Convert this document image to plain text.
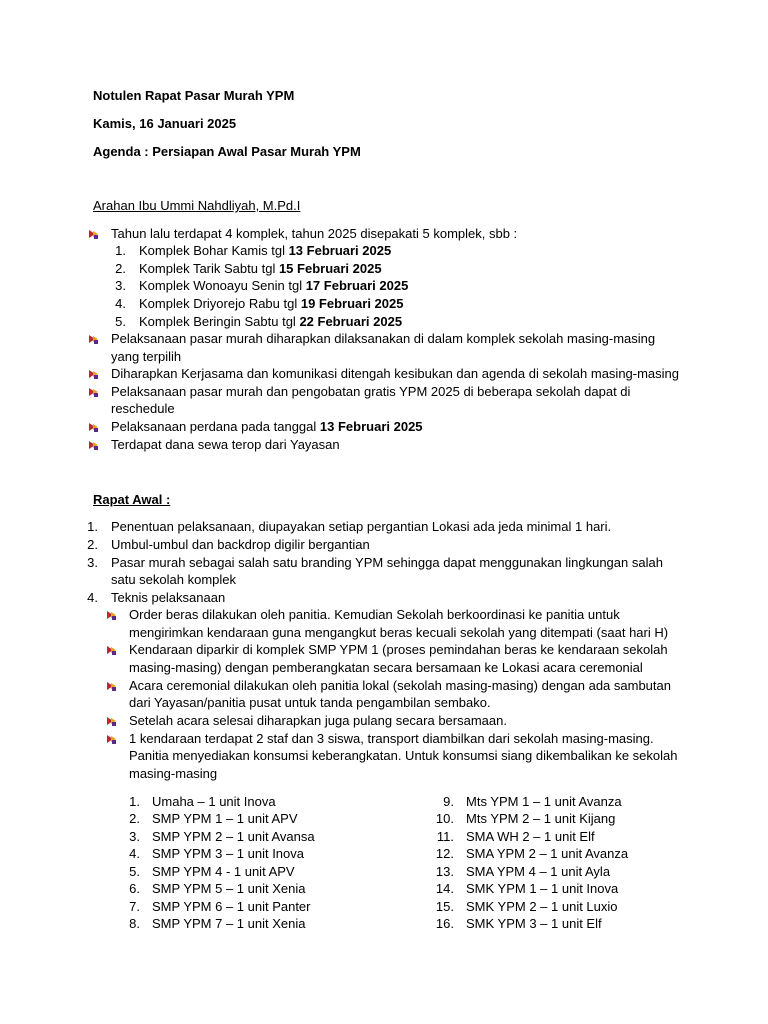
Notulen Rapat Pasar Murah YPM
Kamis, 16 Januari 2025
Agenda : Persiapan Awal Pasar Murah YPM
Arahan Ibu Ummi Nahdliyah, M.Pd.I
Tahun lalu terdapat 4 komplek, tahun 2025 disepakati 5 komplek, sbb :
1. Komplek Bohar Kamis tgl 13 Februari 2025
2. Komplek Tarik Sabtu tgl 15 Februari 2025
3. Komplek Wonoayu Senin tgl 17 Februari 2025
4. Komplek Driyorejo Rabu tgl 19 Februari 2025
5. Komplek Beringin Sabtu tgl 22 Februari 2025
Pelaksanaan pasar murah diharapkan dilaksanakan di dalam komplek sekolah masing-masing
yang terpilih
Diharapkan Kerjasama dan komunikasi ditengah kesibukan dan agenda di sekolah masing-masing
Pelaksanaan pasar murah dan pengobatan gratis YPM 2025 di beberapa sekolah dapat di
reschedule
Pelaksanaan perdana pada tanggal 13 Februari 2025
Terdapat dana sewa terop dari Yayasan
Rapat Awal :
1. Penentuan pelaksanaan, diupayakan setiap pergantian Lokasi ada jeda minimal 1 hari.
2. Umbul-umbul dan backdrop digilir bergantian
3. Pasar murah sebagai salah satu branding YPM sehingga dapat menggunakan lingkungan salah
satu sekolah komplek
4. Teknis pelaksanaan
Order beras dilakukan oleh panitia. Kemudian Sekolah berkoordinasi ke panitia untuk
mengirimkan kendaraan guna mengangkut beras kecuali sekolah yang ditempati (saat hari H)
Kendaraan diparkir di komplek SMP YPM 1 (proses pemindahan beras ke kendaraan sekolah
masing-masing) dengan pemberangkatan secara bersamaan ke Lokasi acara ceremonial
Acara ceremonial dilakukan oleh panitia lokal (sekolah masing-masing) dengan ada sambutan
dari Yayasan/panitia pusat untuk tanda pengambilan sembako.
Setelah acara selesai diharapkan juga pulang secara bersamaan.
1 kendaraan terdapat 2 staf dan 3 siswa, transport diambilkan dari sekolah masing-masing.
Panitia menyediakan konsumsi keberangkatan. Untuk konsumsi siang dikembalikan ke sekolah
masing-masing
1. Umaha – 1 unit Inova
2. SMP YPM 1 – 1 unit APV
3. SMP YPM 2 – 1 unit Avansa
4. SMP YPM 3 – 1 unit Inova
5. SMP YPM 4 - 1 unit APV
6. SMP YPM 5 – 1 unit Xenia
7. SMP YPM 6 – 1 unit Panter
8. SMP YPM 7 – 1 unit Xenia
9. Mts YPM 1 – 1 unit Avanza
10. Mts YPM 2 – 1 unit Kijang
11. SMA WH 2 – 1 unit Elf
12. SMA YPM 2 – 1 unit Avanza
13. SMA YPM 4 – 1 unit Ayla
14. SMK YPM 1 – 1 unit Inova
15. SMK YPM 2 – 1 unit Luxio
16. SMK YPM 3 – 1 unit Elf
